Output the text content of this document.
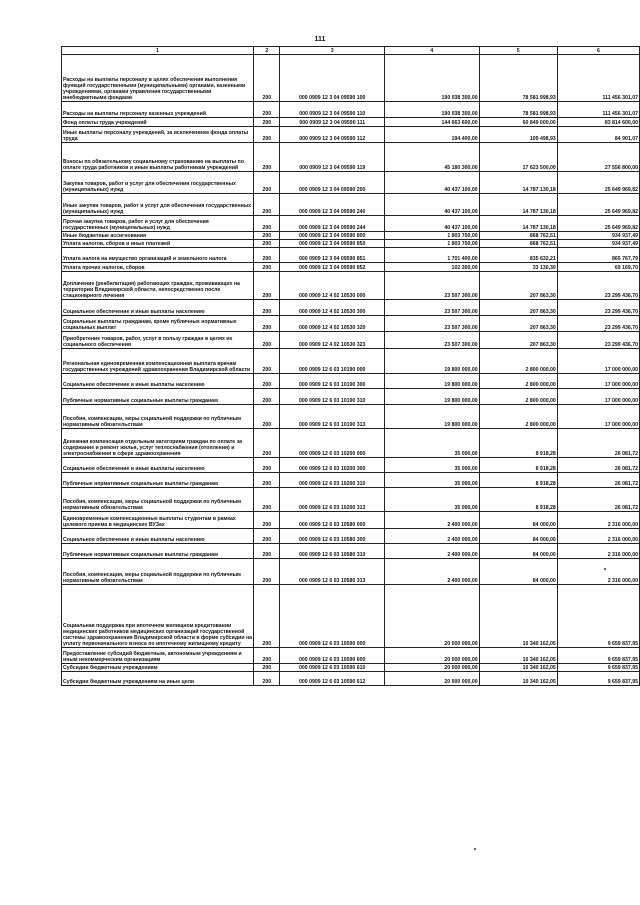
111
1	2	3	4	5	6
Расходы на выплаты персоналу в целях обеспечения выполнения функций государственными (муниципальными) органами, казенными учреждениями, органами управления государственными внебюджетными фондами	200	000 0909 12 3 04 09590 100	190 038 300,00	78 581 998,93	111 456 301,07
Расходы на выплаты персоналу казенных учреждений	200	000 0909 12 3 04 09590 110	190 038 300,00	78 581 998,93	111 456 301,07
Фонд оплаты труда учреждений	200	000 0909 12 3 04 09590 111	144 663 600,00	60 849 000,00	83 814 600,00
Иные выплаты персоналу учреждений, за исключением фонда оплаты труда	200	000 0909 12 3 04 09590 112	194 400,00	109 498,93	84 901,07
Взносы по обязательному социальному страхованию на выплаты по оплате труда работников и иные выплаты работникам учреждений	200	000 0909 12 3 04 09590 119	45 180 300,00	17 623 500,00	27 556 800,00
Закупка товаров, работ и услуг для обеспечения государственных (муниципальных) нужд	200	000 0909 12 3 04 09590 200	40 437 100,00	14 787 130,18	25 649 969,82
Иные закупки товаров, работ и услуг для обеспечения государственных (муниципальных) нужд	200	000 0909 12 3 04 09590 240	40 437 100,00	14 787 130,18	25 649 969,82
Прочая закупка товаров, работ и услуг для обеспечения государственных (муниципальных) нужд	200	000 0909 12 3 04 09590 244	40 437 100,00	14 787 130,18	25 649 969,82
Иные бюджетные ассигнования	200	000 0909 12 3 04 09590 800	1 803 700,00	868 762,51	934 937,49
Уплата налогов, сборов и иных платежей	200	000 0909 12 3 04 09590 850	1 803 700,00	868 762,51	934 937,49
Уплата налога на имущество организаций и земельного налога	200	000 0909 12 3 04 09590 851	1 701 400,00	835 632,21	865 767,79
Уплата прочих налогов, сборов	200	000 0909 12 3 04 09590 852	102 300,00	33 130,30	69 169,70
Доплачение (реабилитация) работающих граждан, проживающих на территории Владимирской области, непосредственно после стационарного лечения	200	000 0909 12 4 02 10530 000	23 507 300,00	207 863,30	23 299 436,70
Социальное обеспечение и иные выплаты населению	200	000 0909 12 4 02 10530 300	23 507 300,00	207 863,30	23 299 436,70
Социальные выплаты гражданам, кроме публичных нормативных социальных выплат	200	000 0909 12 4 02 10530 320	23 507 300,00	207 863,30	23 299 436,70
Приобретение товаров, работ, услуг в пользу граждан в целях их социального обеспечения	200	000 0909 12 4 02 10530 323	23 507 300,00	207 863,30	23 299 436,70
Региональная единовременная компенсационная выплата врачам государственных учреждений здравоохранения Владимирской области	200	000 0909 12 6 03 10190 000	19 800 000,00	2 800 000,00	17 000 000,00
Социальное обеспечение и иные выплаты населению	200	000 0909 12 6 03 10190 300	19 800 000,00	2 800 000,00	17 000 000,00
Публичные нормативные социальные выплаты гражданам	200	000 0909 12 6 03 10190 310	19 800 000,00	2 800 000,00	17 000 000,00
Пособия, компенсации, меры социальной поддержки по публичным нормативным обязательствам	200	000 0909 12 6 03 10190 313	19 800 000,00	2 800 000,00	17 000 000,00
Денежная компенсация отдельным категориям граждан по оплате за содержание и ремонт жилья, услуг теплоснабжения (отопления) и электроснабжения в сфере здравоохранения	200	000 0909 12 6 03 10200 000	35 000,00	8 918,28	26 081,72
Социальное обеспечение и иные выплаты населению	200	000 0909 12 6 03 10200 300	35 000,00	8 918,28	26 081,72
Публичные нормативные социальные выплаты гражданам	200	000 0909 12 6 03 10200 310	35 000,00	8 918,28	26 081,72
Пособия, компенсации, меры социальной поддержки по публичным нормативным обязательствам	200	000 0909 12 6 03 10200 313	35 000,00	8 918,28	26 081,72
Единовременные компенсационные выплаты студентам в рамках целевого приема в медицинских ВУЗах	200	000 0909 12 6 03 10580 000	2 400 000,00	84 000,00	2 316 000,00
Социальное обеспечение и иные выплаты населению	200	000 0909 12 6 03 10580 300	2 400 000,00	84 000,00	2 316 000,00
Публичные нормативные социальные выплаты гражданам	200	000 0909 12 6 03 10580 310	2 400 000,00	84 000,00	2 316 000,00
Пособия, компенсация, меры социальной поддержки по публичным нормативным обязательствам	200	000 0909 12 6 03 10580 313	2 400 000,00	84 000,00	2 316 000,00
Социальная поддержка при ипотечном жилищном кредитовании медицинских работников медицинских организаций государственной системы здравоохранения Владимирской области в форме субсидии на уплату первоначального взноса по ипотечному жилищному кредиту	200	000 0909 12 6 03 10590 000	20 000 000,00	10 340 162,05	9 659 837,95
Предоставление субсидий бюджетным, автономным учреждениям и иным некоммерческим организациям	200	000 0909 12 6 03 10590 600	20 000 000,00	10 340 162,05	9 659 837,95
Субсидии бюджетным учреждениям	200	000 0909 12 6 03 10590 610	20 000 000,00	10 340 162,05	9 659 837,95
Субсидии бюджетным учреждениям на иные цели	200	000 0909 12 6 03 10590 612	20 000 000,00	10 340 162,05	9 659 837,95
